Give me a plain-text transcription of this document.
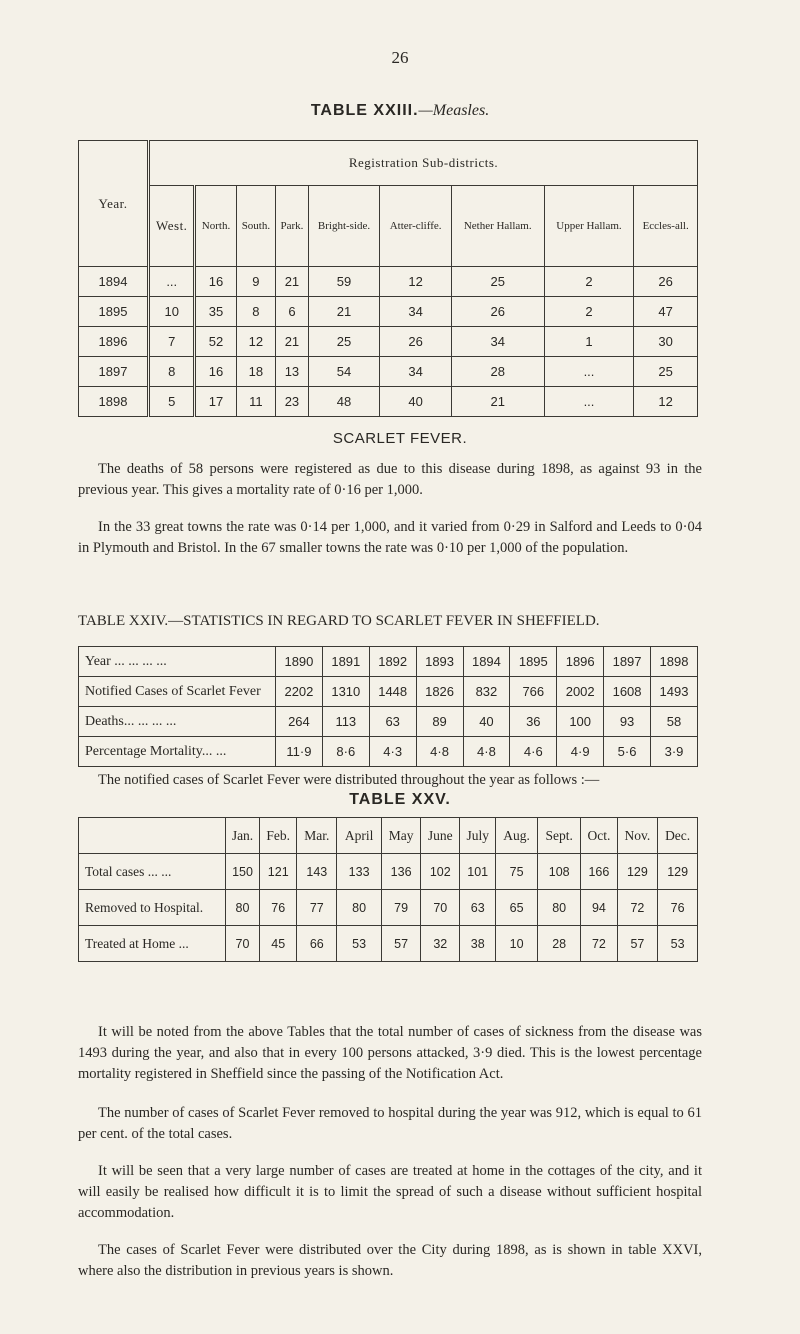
26
TABLE XXIII.—Measles.
Year.	Registration Sub-districts.								
	West.	North.	South.	Park.	Bright-side.	Atter-cliffe.	Nether Hallam.	Upper Hallam.	Eccles-all.
1894	...	16	9	21	59	12	25	2	26
1895	10	35	8	6	21	34	26	2	47
1896	7	52	12	21	25	26	34	1	30
1897	8	16	18	13	54	34	28	...	25
1898	5	17	11	23	48	40	21	...	12
SCARLET FEVER.
The deaths of 58 persons were registered as due to this disease during 1898, as against 93 in the previous year. This gives a mortality rate of 0·16 per 1,000.
In the 33 great towns the rate was 0·14 per 1,000, and it varied from 0·29 in Salford and Leeds to 0·04 in Plymouth and Bristol. In the 67 smaller towns the rate was 0·10 per 1,000 of the population.
TABLE XXIV.—STATISTICS IN REGARD TO SCARLET FEVER IN SHEFFIELD.
Year ... ... ... ...	1890	1891	1892	1893	1894	1895	1896	1897	1898
Notified Cases of Scarlet Fever	2202	1310	1448	1826	832	766	2002	1608	1493
Deaths... ... ... ...	264	113	63	89	40	36	100	93	58
Percentage Mortality... ...	11·9	8·6	4·3	4·8	4·8	4·6	4·9	5·6	3·9
The notified cases of Scarlet Fever were distributed throughout the year as follows :—
TABLE XXV.
	Jan.	Feb.	Mar.	April	May	June	July	Aug.	Sept.	Oct.	Nov.	Dec.
Total cases ... ...	150	121	143	133	136	102	101	75	108	166	129	129
Removed to Hospital.	80	76	77	80	79	70	63	65	80	94	72	76
Treated at Home ...	70	45	66	53	57	32	38	10	28	72	57	53
It will be noted from the above Tables that the total number of cases of sickness from the disease was 1493 during the year, and also that in every 100 persons attacked, 3·9 died. This is the lowest percentage mortality registered in Sheffield since the passing of the Notification Act.
The number of cases of Scarlet Fever removed to hospital during the year was 912, which is equal to 61 per cent. of the total cases.
It will be seen that a very large number of cases are treated at home in the cottages of the city, and it will easily be realised how difficult it is to limit the spread of such a disease without sufficient hospital accommodation.
The cases of Scarlet Fever were distributed over the City during 1898, as is shown in table XXVI, where also the distribution in previous years is shown.
